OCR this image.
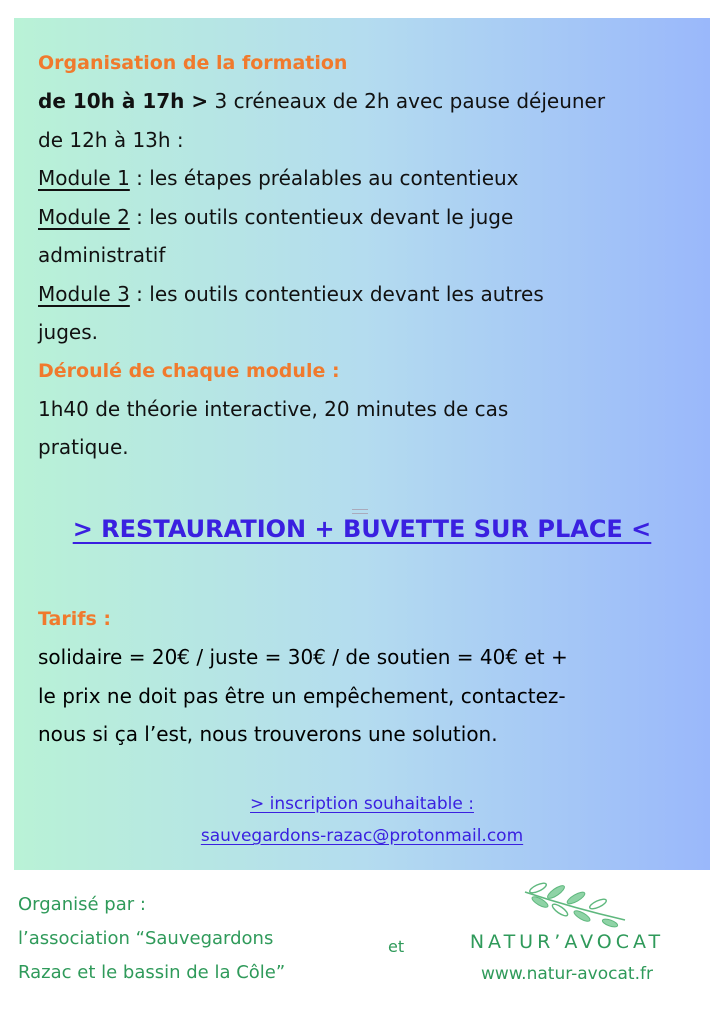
Organisation de la formation

de 10h à 17h > 3 créneaux de 2h avec pause déjeuner

de 12h à 13h :

Module 1 : les étapes préalables au contentieux

Module 2 : les outils contentieux devant le juge

administratif

Module 3 : les outils contentieux devant les autres

juges.

Déroulé de chaque module :

1h40 de théorie interactive, 20 minutes de cas

pratique.

> RESTAURATION + BUVETTE SUR PLACE <

Tarifs :

solidaire = 20€ / juste = 30€ / de soutien = 40€ et +

le prix ne doit pas être un empêchement, contactez-

nous si ça l’est, nous trouverons une solution.

> inscription souhaitable :
sauvegardons-razac@protonmail.com
Organisé par :
l’association “Sauvegardons
Razac et le bassin de la Côle”
et	NATUR’AVOCAT
www.natur-avocat.fr
